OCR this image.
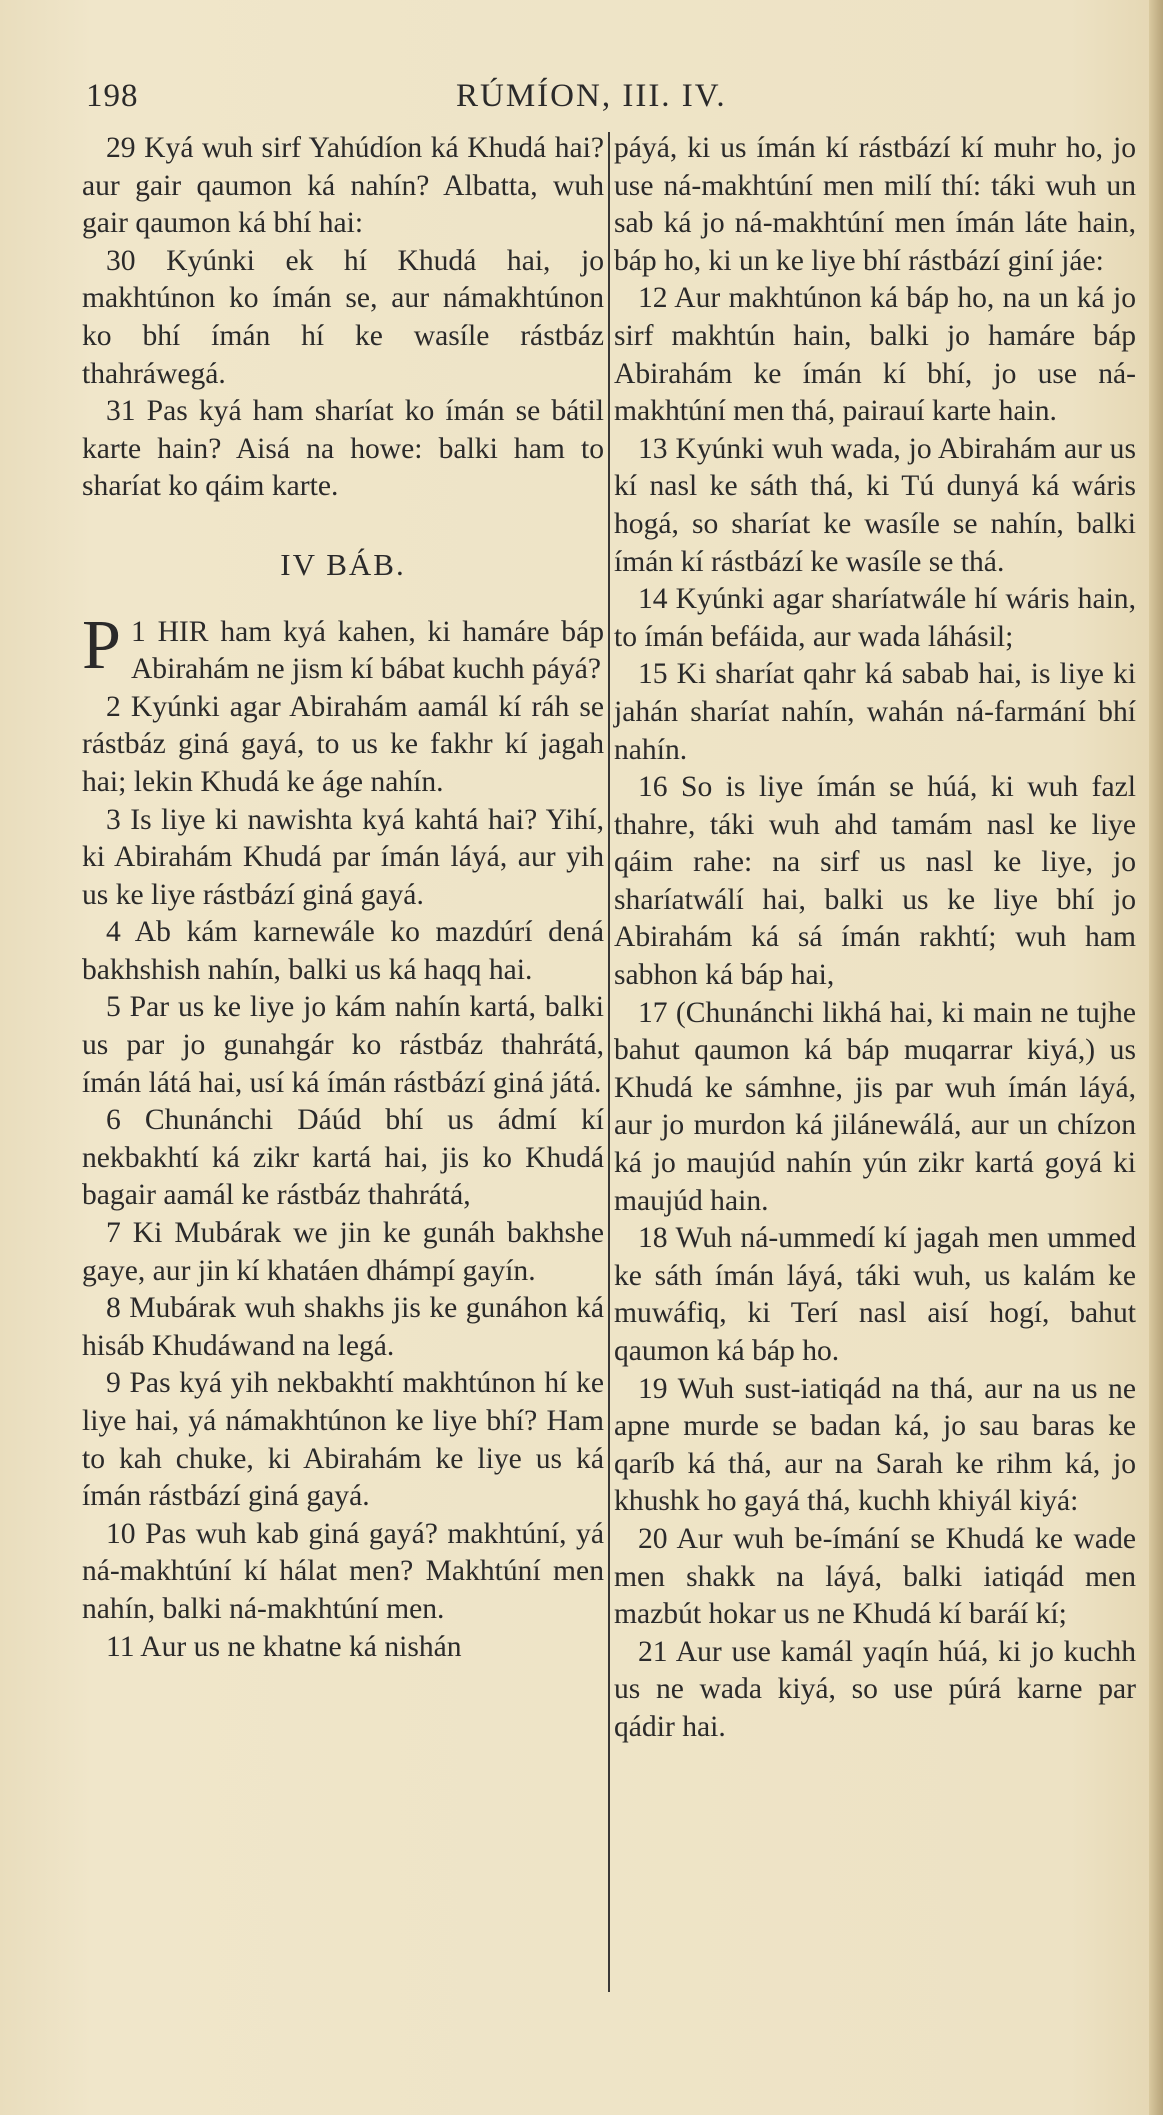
198	RÚMÍON, III. IV.

29 Kyá wuh sirf Yahúdíon ká Khudá hai? aur gair qaumon ká nahín? Albatta, wuh gair qaumon ká bhí hai:

30 Kyúnki ek hí Khudá hai, jo makhtúnon ko ímán se, aur námakhtúnon ko bhí ímán hí ke wasíle rástbáz thahráwegá.

31 Pas kyá ham sharíat ko ímán se bátil karte hain? Aisá na howe: balki ham to sharíat ko qáim karte.

IV BÁB.

1
P HIR ham kyá kahen, ki hamáre báp Abirahám ne jism kí bábat kuchh páyá?

2 Kyúnki agar Abirahám aamál kí ráh se rástbáz giná gayá, to us ke fakhr kí jagah hai; lekin Khudá ke áge nahín.

3 Is liye ki nawishta kyá kahtá hai? Yihí, ki Abirahám Khudá par ímán láyá, aur yih us ke liye rástbází giná gayá.

4 Ab kám karnewále ko mazdúrí dená bakhshish nahín, balki us ká haqq hai.

5 Par us ke liye jo kám nahín kartá, balki us par jo gunahgár ko rástbáz thahrátá, ímán látá hai, usí ká ímán rástbází giná játá.

6 Chunánchi Dáúd bhí us ádmí kí nekbakhtí ká zikr kartá hai, jis ko Khudá bagair aamál ke rástbáz thahrátá,

7 Ki Mubárak we jin ke gunáh bakhshe gaye, aur jin kí khatáen dhámpí gayín.

8 Mubárak wuh shakhs jis ke gunáhon ká hisáb Khudáwand na legá.

9 Pas kyá yih nekbakhtí makhtúnon hí ke liye hai, yá námakhtúnon ke liye bhí? Ham to kah chuke, ki Abirahám ke liye us ká ímán rástbází giná gayá.

10 Pas wuh kab giná gayá? makhtúní, yá ná-makhtúní kí hálat men? Makhtúní men nahín, balki ná-makhtúní men.

11 Aur us ne khatne ká nishán

páyá, ki us ímán kí rástbází kí muhr ho, jo use ná-makhtúní men milí thí: táki wuh un sab ká jo ná-makhtúní men ímán láte hain, báp ho, ki un ke liye bhí rástbází giní jáe:

12 Aur makhtúnon ká báp ho, na un ká jo sirf makhtún hain, balki jo hamáre báp Abirahám ke ímán kí bhí, jo use ná-makhtúní men thá, pairauí karte hain.

13 Kyúnki wuh wada, jo Abirahám aur us kí nasl ke sáth thá, ki Tú dunyá ká wáris hogá, so sharíat ke wasíle se nahín, balki ímán kí rástbází ke wasíle se thá.

14 Kyúnki agar sharíatwále hí wáris hain, to ímán befáida, aur wada láhásil;

15 Ki sharíat qahr ká sabab hai, is liye ki jahán sharíat nahín, wahán ná-farmání bhí nahín.

16 So is liye ímán se húá, ki wuh fazl thahre, táki wuh ahd tamám nasl ke liye qáim rahe: na sirf us nasl ke liye, jo sharíatwálí hai, balki us ke liye bhí jo Abirahám ká sá ímán rakhtí; wuh ham sabhon ká báp hai,

17 (Chunánchi likhá hai, ki main ne tujhe bahut qaumon ká báp muqarrar kiyá,) us Khudá ke sámhne, jis par wuh ímán láyá, aur jo murdon ká jilánewálá, aur un chízon ká jo maujúd nahín yún zikr kartá goyá ki maujúd hain.

18 Wuh ná-ummedí kí jagah men ummed ke sáth ímán láyá, táki wuh, us kalám ke muwáfiq, ki Terí nasl aisí hogí, bahut qaumon ká báp ho.

19 Wuh sust-iatiqád na thá, aur na us ne apne murde se badan ká, jo sau baras ke qaríb ká thá, aur na Sarah ke rihm ká, jo khushk ho gayá thá, kuchh khiyál kiyá:

20 Aur wuh be-ímání se Khudá ke wade men shakk na láyá, balki iatiqád men mazbút hokar us ne Khudá kí baráí kí;

21 Aur use kamál yaqín húá, ki jo kuchh us ne wada kiyá, so use púrá karne par qádir hai.
